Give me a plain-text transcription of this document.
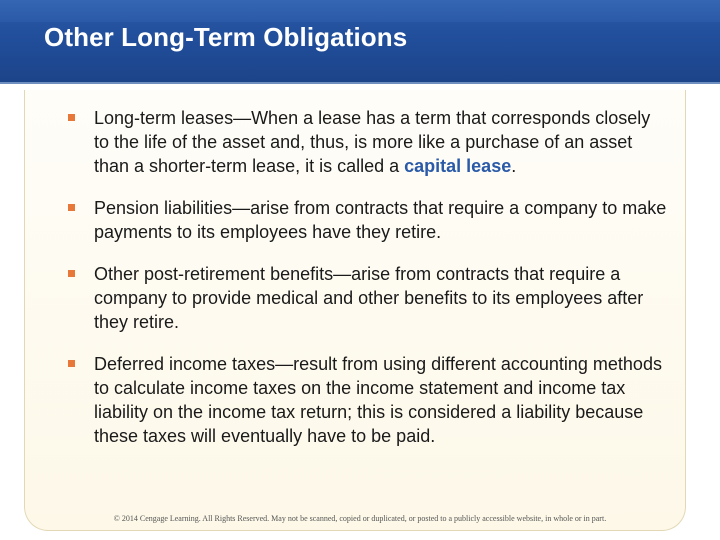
Other Long-Term Obligations
Long-term leases—When a lease has a term that corresponds closely to the life of the asset and, thus, is more like a purchase of an asset than a shorter-term lease, it is called a capital lease.
Pension liabilities—arise from contracts that require a company to make payments to its employees have they retire.
Other post-retirement benefits—arise from contracts that require a company to provide medical and other benefits to its employees after they retire.
Deferred income taxes—result from using different accounting methods to calculate income taxes on the income statement and income tax liability on the income tax return; this is considered a liability because these taxes will eventually have to be paid.
© 2014 Cengage Learning. All Rights Reserved. May not be scanned, copied or duplicated, or posted to a publicly accessible website, in whole or in part.
